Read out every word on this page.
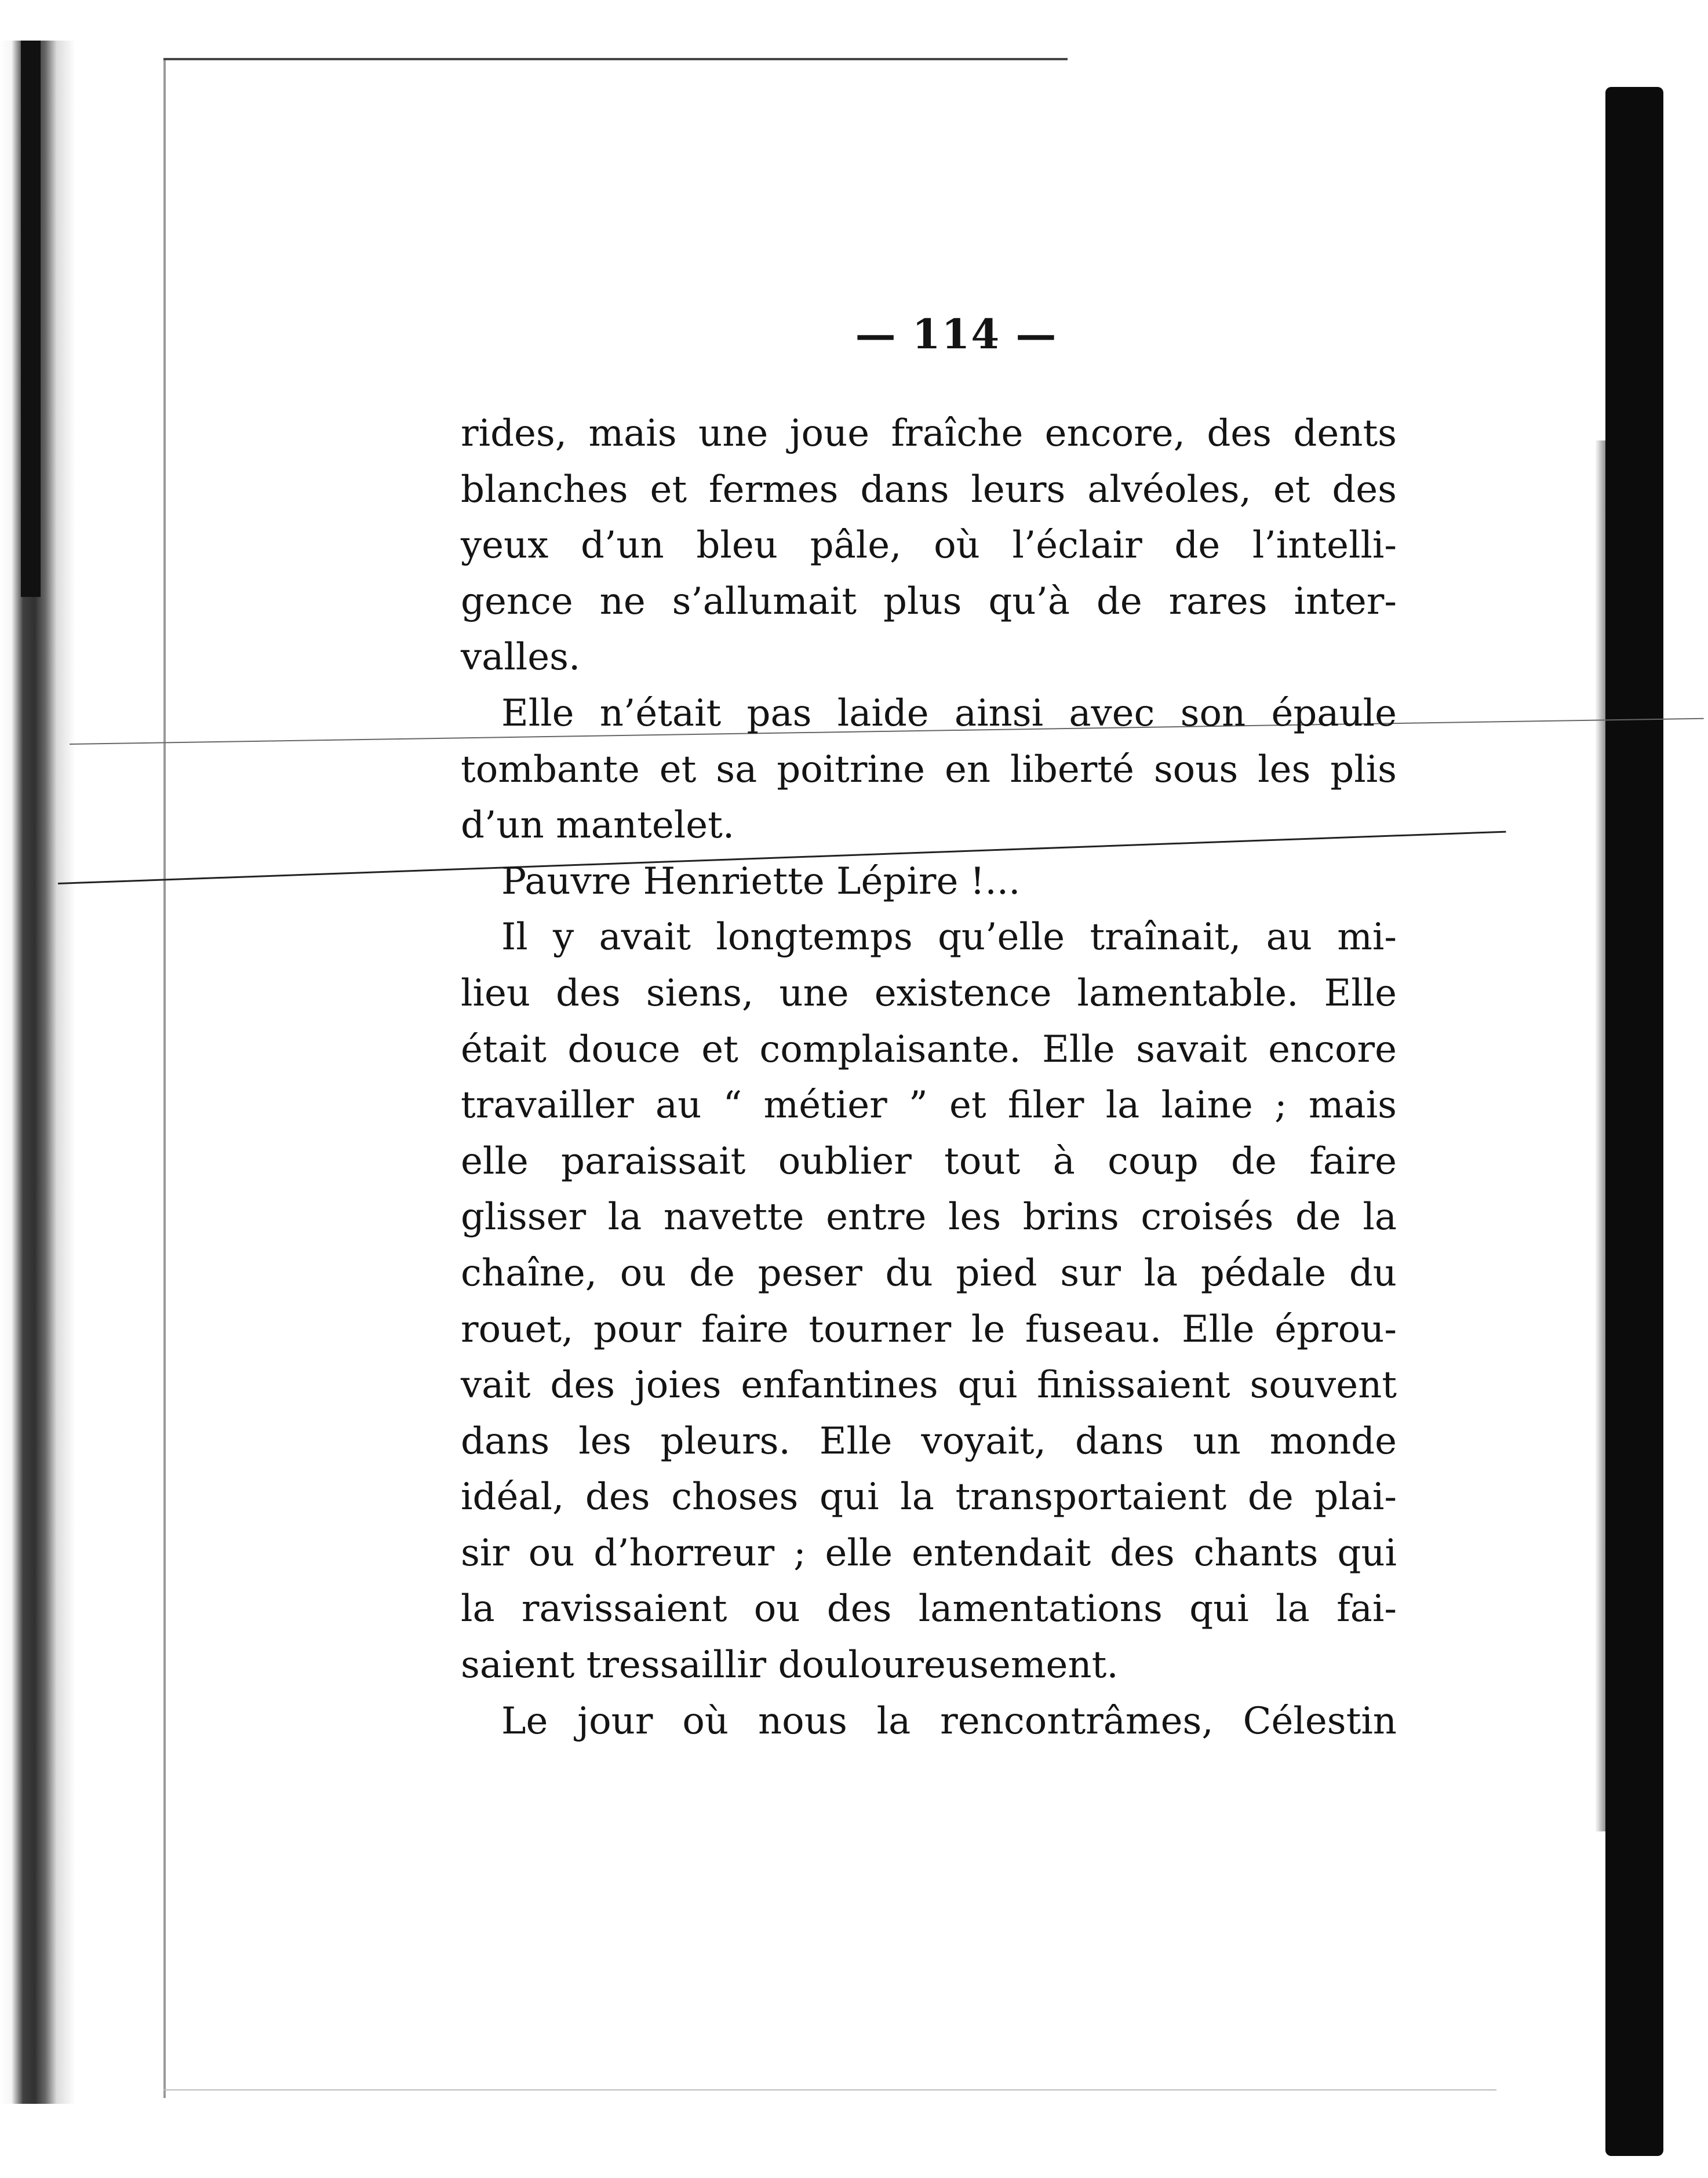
— 114 —
rides, mais une joue fraîche encore, des dents
blanches et fermes dans leurs alvéoles, et des
yeux d’un bleu pâle, où l’éclair de l’intelli-
gence ne s’allumait plus qu’à de rares inter-
valles.
Elle n’était pas laide ainsi avec son épaule
tombante et sa poitrine en liberté sous les plis
d’un mantelet.
Pauvre Henriette Lépire !...
Il y avait longtemps qu’elle traînait, au mi-
lieu des siens, une existence lamentable. Elle
était douce et complaisante. Elle savait encore
travailler au “ métier ” et filer la laine ; mais
elle paraissait oublier tout à coup de faire
glisser la navette entre les brins croisés de la
chaîne, ou de peser du pied sur la pédale du
rouet, pour faire tourner le fuseau. Elle éprou-
vait des joies enfantines qui finissaient souvent
dans les pleurs. Elle voyait, dans un monde
idéal, des choses qui la transportaient de plai-
sir ou d’horreur ; elle entendait des chants qui
la ravissaient ou des lamentations qui la fai-
saient tressaillir douloureusement.
Le jour où nous la rencontrâmes, Célestin
